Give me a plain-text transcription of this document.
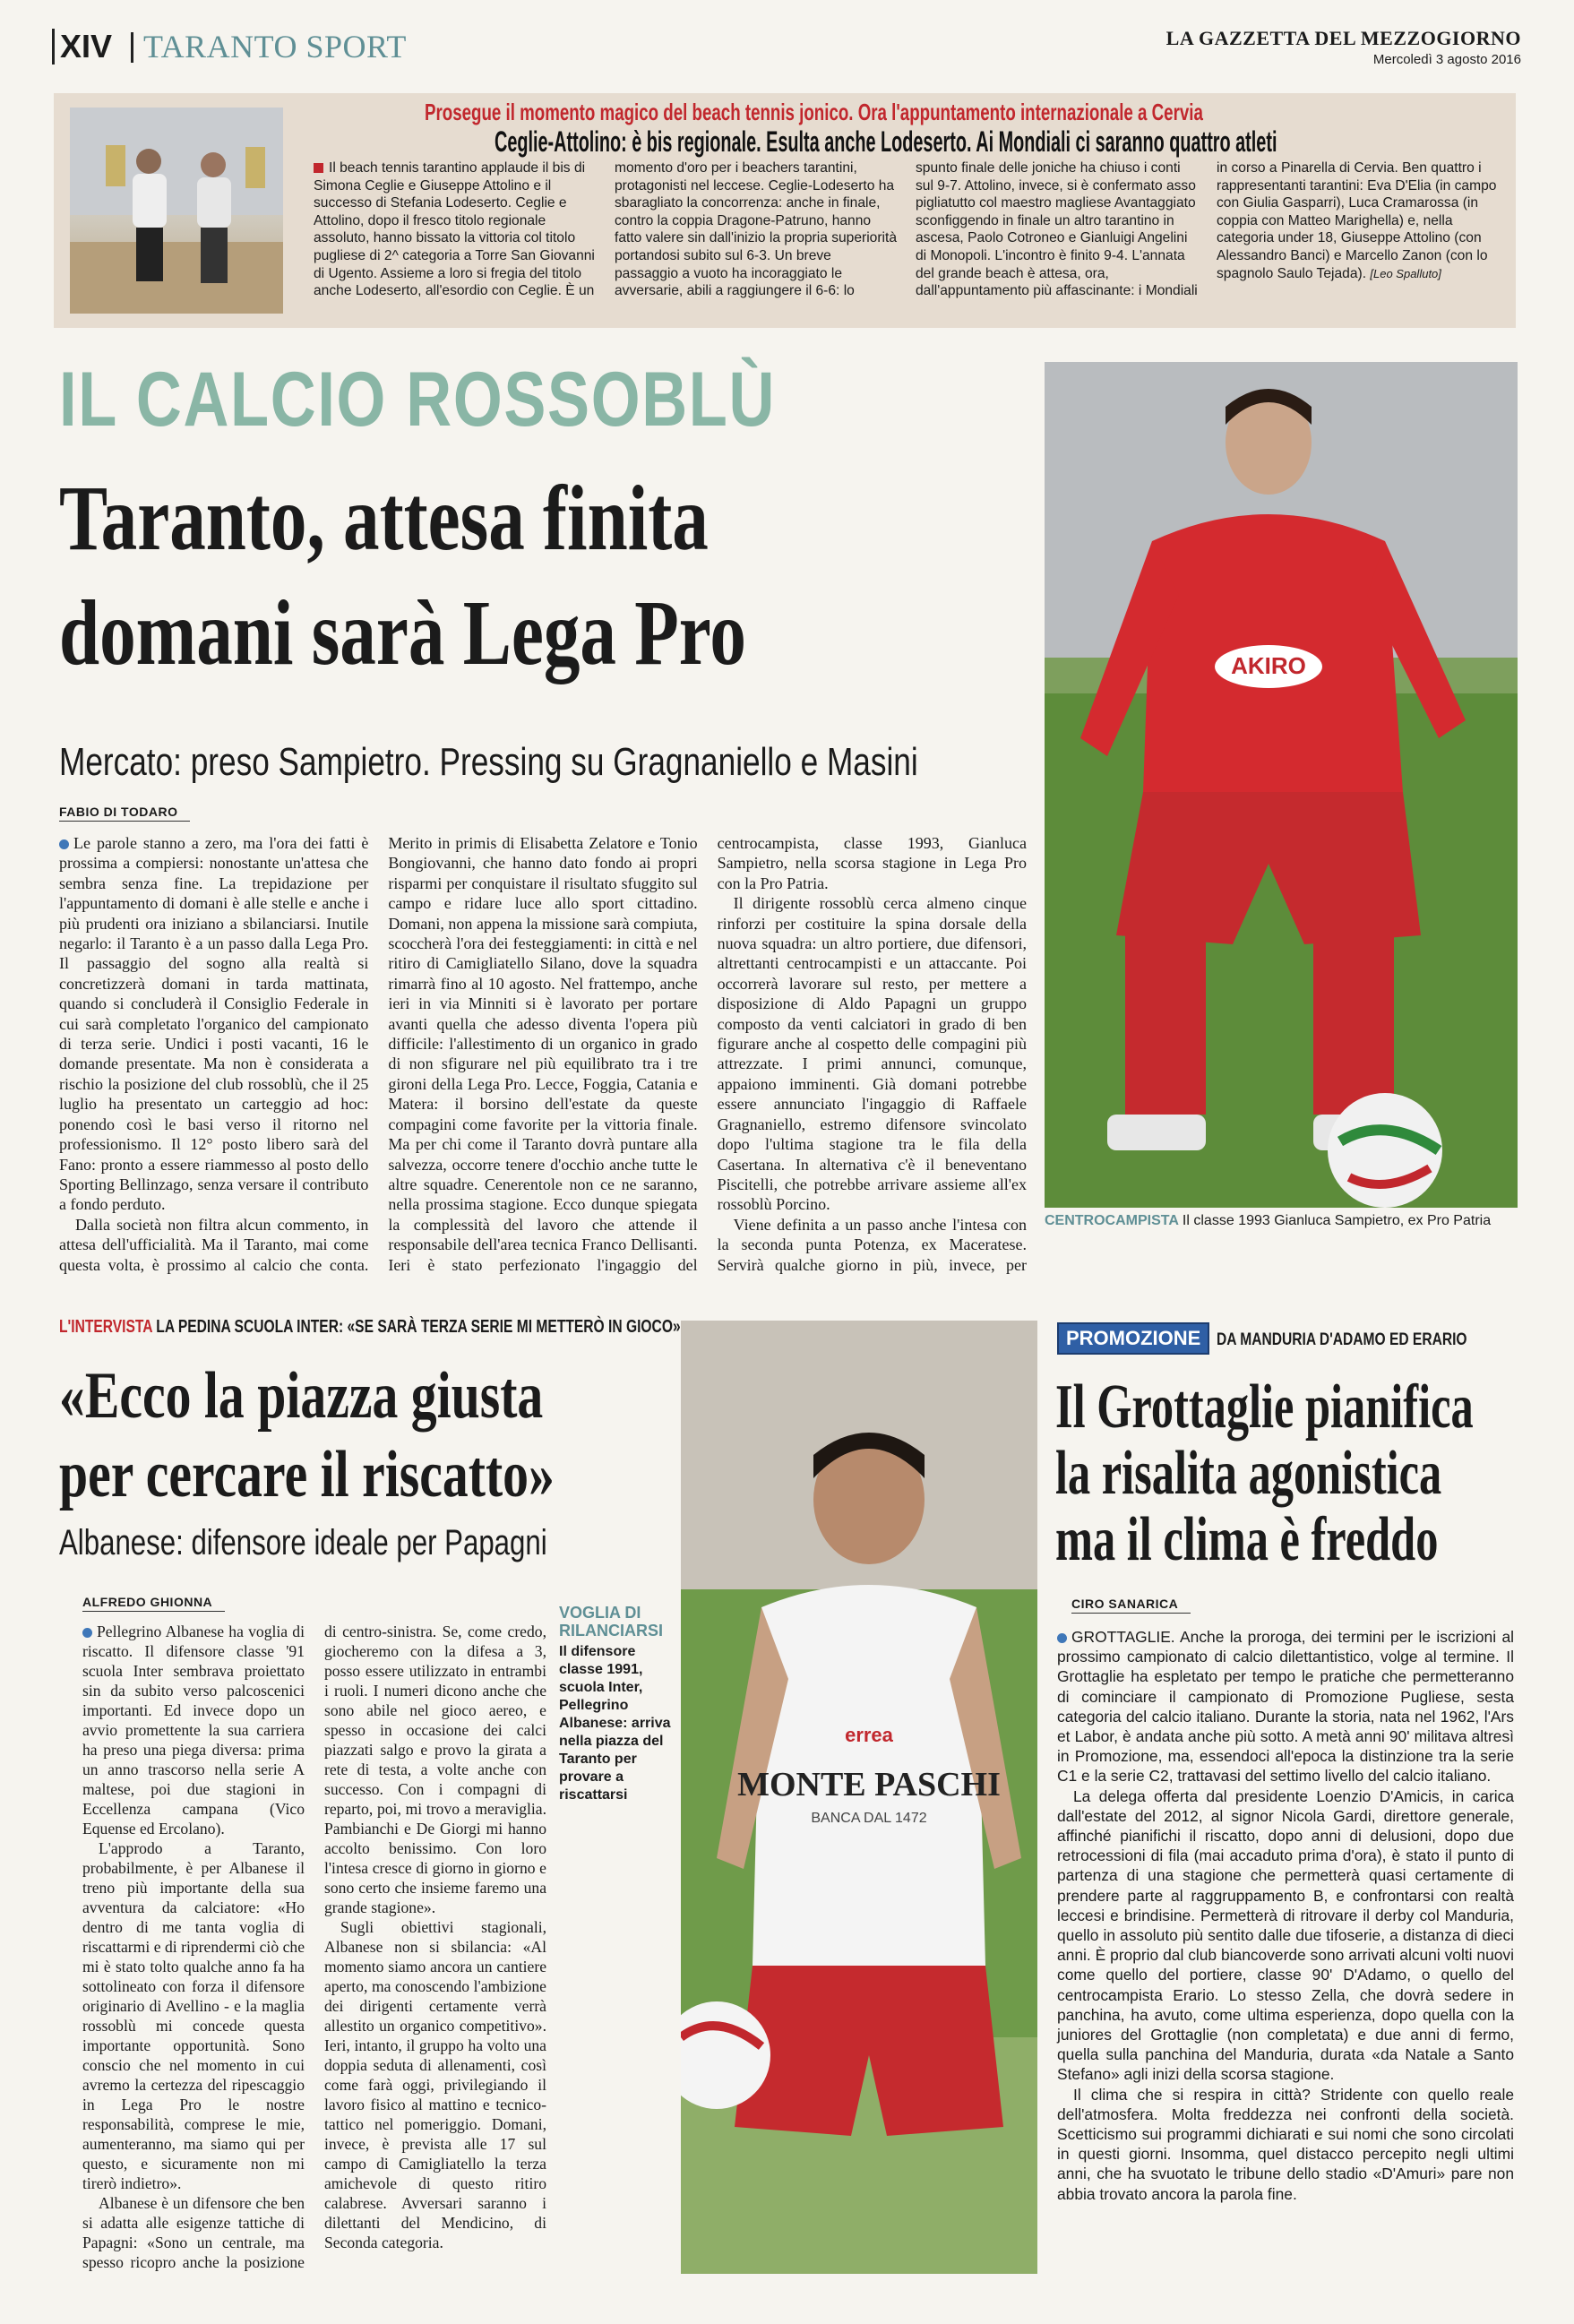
XIV TARANTO SPORT	LA GAZZETTA DEL MEZZOGIORNO
Mercoledì 3 agosto 2016
Prosegue il momento magico del beach tennis jonico. Ora l'appuntamento internazionale a Cervia
Ceglie-Attolino: è bis regionale. Esulta anche Lodeserto. Ai Mondiali ci saranno quattro atleti

Il beach tennis tarantino applaude il bis di Simona Ceglie e Giuseppe Attolino e il successo di Stefania Lodeserto. Ceglie e Attolino, dopo il fresco titolo regionale assoluto, hanno bissato la vittoria col titolo pugliese di 2^ categoria a Torre San Giovanni di Ugento. Assieme a loro si fregia del titolo anche Lodeserto, all'esordio con Ceglie. È un momento d'oro per i beachers tarantini, protagonisti nel leccese. Ceglie-Lodeserto ha sbaragliato la concorrenza: anche in finale, contro la coppia Dragone-Patruno, hanno fatto valere sin dall'inizio la propria superiorità portandosi subito sul 6-3. Un breve passaggio a vuoto ha incoraggiato le avversarie, abili a raggiungere il 6-6: lo spunto finale delle joniche ha chiuso i conti sul 9-7. Attolino, invece, si è confermato asso pigliatutto col maestro magliese Avantaggiato sconfiggendo in finale un altro tarantino in ascesa, Paolo Cotroneo e Gianluigi Angelini di Monopoli. L'incontro è finito 9-4. L'annata del grande beach è attesa, ora, dall'appuntamento più affascinante: i Mondiali in corso a Pinarella di Cervia. Ben quattro i rappresentanti tarantini: Eva D'Elia (in campo con Giulia Gasparri), Luca Cramarossa (in coppia con Matteo Marighella) e, nella categoria under 18, Giuseppe Attolino (con Alessandro Banci) e Marcello Zanon (con lo spagnolo Saulo Tejada). [Leo Spalluto]

IL CALCIO ROSSOBLÙ
Taranto, attesa finita
domani sarà Lega Pro
Mercato: preso Sampietro. Pressing su Gragnaniello e Masini
FABIO DI TODARO

Le parole stanno a zero, ma l'ora dei fatti è prossima a compiersi: nonostante un'attesa che sembra senza fine. La trepidazione per l'appuntamento di domani è alle stelle e anche i più prudenti ora iniziano a sbilanciarsi. Inutile negarlo: il Taranto è a un passo dalla Lega Pro. Il passaggio del sogno alla realtà si concretizzerà domani in tarda mattinata, quando si concluderà il Consiglio Federale in cui sarà completato l'organico del campionato di terza serie. Undici i posti vacanti, 16 le domande presentate. Ma non è considerata a rischio la posizione del club rossoblù, che il 25 luglio ha presentato un carteggio ad hoc: ponendo così le basi verso il ritorno nel professionismo. Il 12° posto libero sarà del Fano: pronto a essere riammesso al posto dello Sporting Bellinzago, senza versare il contributo a fondo perduto.

Dalla società non filtra alcun commento, in attesa dell'ufficialità. Ma il Taranto, mai come questa volta, è prossimo al calcio che conta. Merito in primis di Elisabetta Zelatore e Tonio Bongiovanni, che hanno dato fondo ai propri risparmi per conquistare il risultato sfuggito sul campo e ridare luce allo sport cittadino. Domani, non appena la missione sarà compiuta, scoccherà l'ora dei festeggiamenti: in città e nel ritiro di Camigliatello Silano, dove la squadra rimarrà fino al 10 agosto. Nel frattempo, anche ieri in via Minniti si è lavorato per portare avanti quella che adesso diventa l'opera più difficile: l'allestimento di un organico in grado di non sfigurare nel più equilibrato tra i tre gironi della Lega Pro. Lecce, Foggia, Catania e Matera: il borsino dell'estate da queste compagini come favorite per la vittoria finale. Ma per chi come il Taranto dovrà puntare alla salvezza, occorre tenere d'occhio anche tutte le altre squadre. Cenerentole non ce ne saranno, nella prossima stagione. Ecco dunque spiegata la complessità del lavoro che attende il responsabile dell'area tecnica Franco Dellisanti. Ieri è stato perfezionato l'ingaggio del centrocampista, classe 1993, Gianluca Sampietro, nella scorsa stagione in Lega Pro con la Pro Patria.

Il dirigente rossoblù cerca almeno cinque rinforzi per costituire la spina dorsale della nuova squadra: un altro portiere, due difensori, altrettanti centrocampisti e un attaccante. Poi occorrerà lavorare sul resto, per mettere a disposizione di Aldo Papagni un gruppo composto da venti calciatori in grado di ben figurare anche al cospetto delle compagini più attrezzate. I primi annunci, comunque, appaiono imminenti. Già domani potrebbe essere annunciato l'ingaggio di Raffaele Gragnaniello, estremo difensore svincolato dopo l'ultima stagione tra le fila della Casertana. In alternativa c'è il beneventano Piscitelli, che potrebbe arrivare assieme all'ex rossoblù Porcino.

Viene definita a un passo anche l'intesa con la seconda punta Potenza, ex Maceratese. Servirà qualche giorno in più, invece, per

AKIRO
CENTROCAMPISTA Il classe 1993 Gianluca Sampietro, ex Pro Patria
L'INTERVISTA LA PEDINA SCUOLA INTER: «SE SARÀ TERZA SERIE MI METTERÒ IN GIOCO»
«Ecco la piazza giusta
per cercare il riscatto»
Albanese: difensore ideale per Papagni
ALFREDO GHIONNA

Pellegrino Albanese ha voglia di riscatto. Il difensore classe '91 scuola Inter sembrava proiettato sin da subito verso palcoscenici importanti. Ed invece dopo un avvio promettente la sua carriera ha preso una piega diversa: prima un anno trascorso nella serie A maltese, poi due stagioni in Eccellenza campana (Vico Equense ed Ercolano).

L'approdo a Taranto, probabilmente, è per Albanese il treno più importante della sua avventura da calciatore: «Ho dentro di me tanta voglia di riscattarmi e di riprendermi ciò che mi è stato tolto qualche anno fa ha sottolineato con forza il difensore originario di Avellino - e la maglia rossoblù mi concede questa importante opportunità. Sono conscio che nel momento in cui avremo la certezza del ripescaggio in Lega Pro le nostre responsabilità, comprese le mie, aumenteranno, ma siamo qui per questo, e sicuramente non mi tirerò indietro».

Albanese è un difensore che ben si adatta alle esigenze tattiche di Papagni: «Sono un centrale, ma spesso ricopro anche la posizione di centro-sinistra. Se, come credo, giocheremo con la difesa a 3, posso essere utilizzato in entrambi i ruoli. I numeri dicono anche che sono abile nel gioco aereo, e spesso in occasione dei calci piazzati salgo e provo la girata a rete di testa, a volte anche con successo. Con i compagni di reparto, poi, mi trovo a meraviglia. Pambianchi e De Giorgi mi hanno accolto benissimo. Con loro l'intesa cresce di giorno in giorno e sono certo che insieme faremo una grande stagione».

Sugli obiettivi stagionali, Albanese non si sbilancia: «Al momento siamo ancora un cantiere aperto, ma conoscendo l'ambizione dei dirigenti certamente verrà allestito un organico competitivo». Ieri, intanto, il gruppo ha volto una doppia seduta di allenamenti, così come farà oggi, privilegiando il lavoro fisico al mattino e tecnico-tattico nel pomeriggio. Domani, invece, è prevista alle 17 sul campo di Camigliatello la terza amichevole di questo ritiro calabrese. Avversari saranno i dilettanti del Mendicino, di Seconda categoria.

VOGLIA DI RILANCIARSI
Il difensore classe 1991, scuola Inter, Pellegrino Albanese: arriva nella piazza del Taranto per provare a riscattarsi
errea
MONTE PASCHI
BANCA DAL 1472
PROMOZIONE DA MANDURIA D'ADAMO ED ERARIO
Il Grottaglie pianifica
la risalita agonistica
ma il clima è freddo
CIRO SANARICA

GROTTAGLIE. Anche la proroga, dei termini per le iscrizioni al prossimo campionato di calcio dilettantistico, volge al termine. Il Grottaglie ha espletato per tempo le pratiche che permetteranno di cominciare il campionato di Promozione Pugliese, sesta categoria del calcio italiano. Durante la storia, nata nel 1962, l'Ars et Labor, è andata anche più sotto. A metà anni 90' militava altresì in Promozione, ma, essendoci all'epoca la distinzione tra la serie C1 e la serie C2, trattavasi del settimo livello del calcio italiano.

La delega offerta dal presidente Loenzio D'Amicis, in carica dall'estate del 2012, al signor Nicola Gardi, direttore generale, affinché pianifichi il riscatto, dopo anni di delusioni, dopo due retrocessioni di fila (mai accaduto prima d'ora), è stato il punto di partenza di una stagione che permetterà quasi certamente di prendere parte al raggruppamento B, e confrontarsi con realtà leccesi e brindisine. Permetterà di ritrovare il derby col Manduria, quello in assoluto più sentito dalle due tifoserie, a distanza di dieci anni. È proprio dal club biancoverde sono arrivati alcuni volti nuovi come quello del portiere, classe 90' D'Adamo, o quello del centrocampista Erario. Lo stesso Zella, che dovrà sedere in panchina, ha avuto, come ultima esperienza, dopo quella con la juniores del Grottaglie (non completata) e due anni di fermo, quella sulla panchina del Manduria, durata «da Natale a Santo Stefano» agli inizi della scorsa stagione.

Il clima che si respira in città? Stridente con quello reale dell'atmosfera. Molta freddezza nei confronti della società. Scetticismo sui programmi dichiarati e sui nomi che sono circolati in questi giorni. Insomma, quel distacco percepito negli ultimi anni, che ha svuotato le tribune dello stadio «D'Amuri» pare non abbia trovato ancora la parola fine.
